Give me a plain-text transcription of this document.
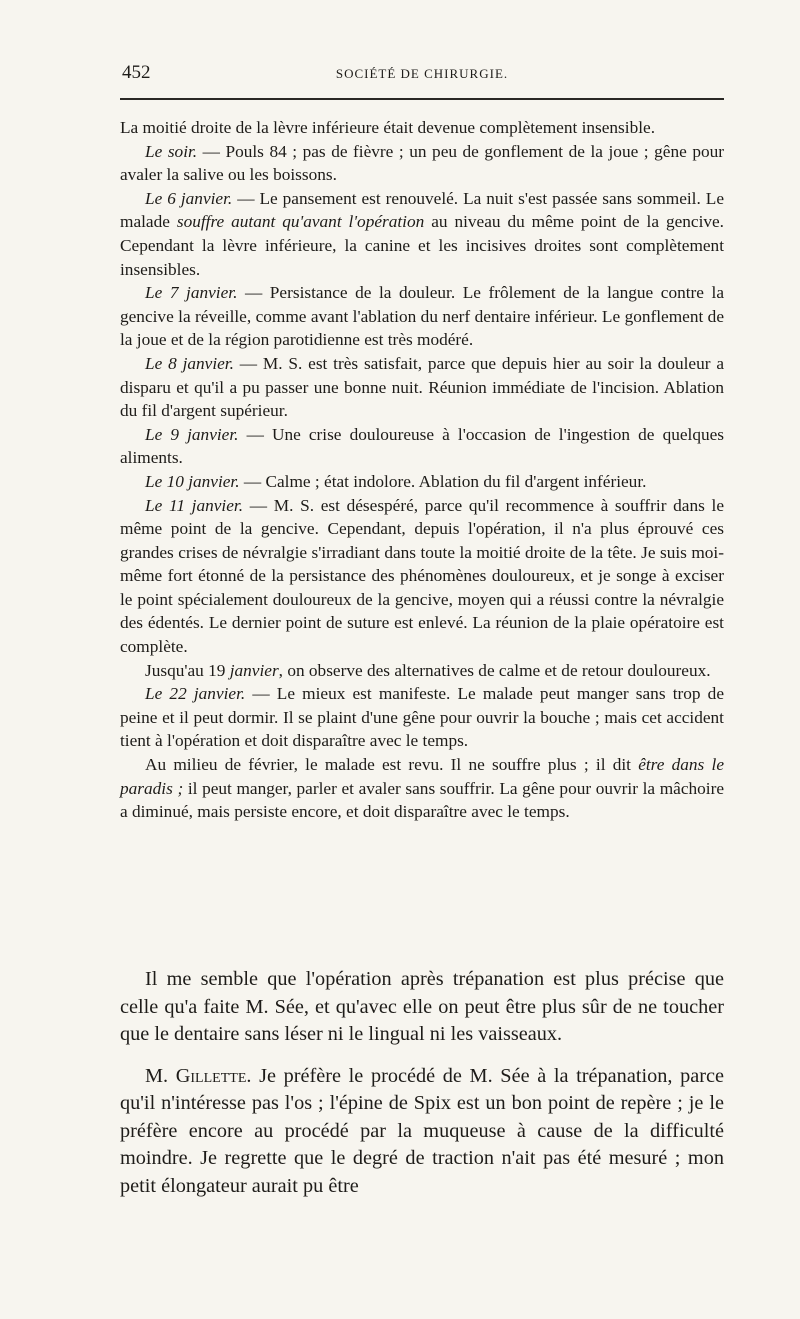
452	SOCIÉTÉ DE CHIRURGIE.

La moitié droite de la lèvre inférieure était devenue complètement insensible.

Le soir. — Pouls 84 ; pas de fièvre ; un peu de gonflement de la joue ; gêne pour avaler la salive ou les boissons.

Le 6 janvier. — Le pansement est renouvelé. La nuit s'est passée sans sommeil. Le malade souffre autant qu'avant l'opération au niveau du même point de la gencive. Cependant la lèvre inférieure, la canine et les incisives droites sont complètement insensibles.

Le 7 janvier. — Persistance de la douleur. Le frôlement de la langue contre la gencive la réveille, comme avant l'ablation du nerf dentaire inférieur. Le gonflement de la joue et de la région parotidienne est très modéré.

Le 8 janvier. — M. S. est très satisfait, parce que depuis hier au soir la douleur a disparu et qu'il a pu passer une bonne nuit. Réunion immédiate de l'incision. Ablation du fil d'argent supérieur.

Le 9 janvier. — Une crise douloureuse à l'occasion de l'ingestion de quelques aliments.

Le 10 janvier. — Calme ; état indolore. Ablation du fil d'argent inférieur.

Le 11 janvier. — M. S. est désespéré, parce qu'il recommence à souffrir dans le même point de la gencive. Cependant, depuis l'opération, il n'a plus éprouvé ces grandes crises de névralgie s'irradiant dans toute la moitié droite de la tête. Je suis moi-même fort étonné de la persistance des phénomènes douloureux, et je songe à exciser le point spécialement douloureux de la gencive, moyen qui a réussi contre la névralgie des édentés. Le dernier point de suture est enlevé. La réunion de la plaie opératoire est complète.

Jusqu'au 19 janvier, on observe des alternatives de calme et de retour douloureux.

Le 22 janvier. — Le mieux est manifeste. Le malade peut manger sans trop de peine et il peut dormir. Il se plaint d'une gêne pour ouvrir la bouche ; mais cet accident tient à l'opération et doit disparaître avec le temps.

Au milieu de février, le malade est revu. Il ne souffre plus ; il dit être dans le paradis ; il peut manger, parler et avaler sans souffrir. La gêne pour ouvrir la mâchoire a diminué, mais persiste encore, et doit disparaître avec le temps.

Il me semble que l'opération après trépanation est plus précise que celle qu'a faite M. Sée, et qu'avec elle on peut être plus sûr de ne toucher que le dentaire sans léser ni le lingual ni les vaisseaux.

M. Gillette. Je préfère le procédé de M. Sée à la trépanation, parce qu'il n'intéresse pas l'os ; l'épine de Spix est un bon point de repère ; je le préfère encore au procédé par la muqueuse à cause de la difficulté moindre. Je regrette que le degré de traction n'ait pas été mesuré ; mon petit élongateur aurait pu être
